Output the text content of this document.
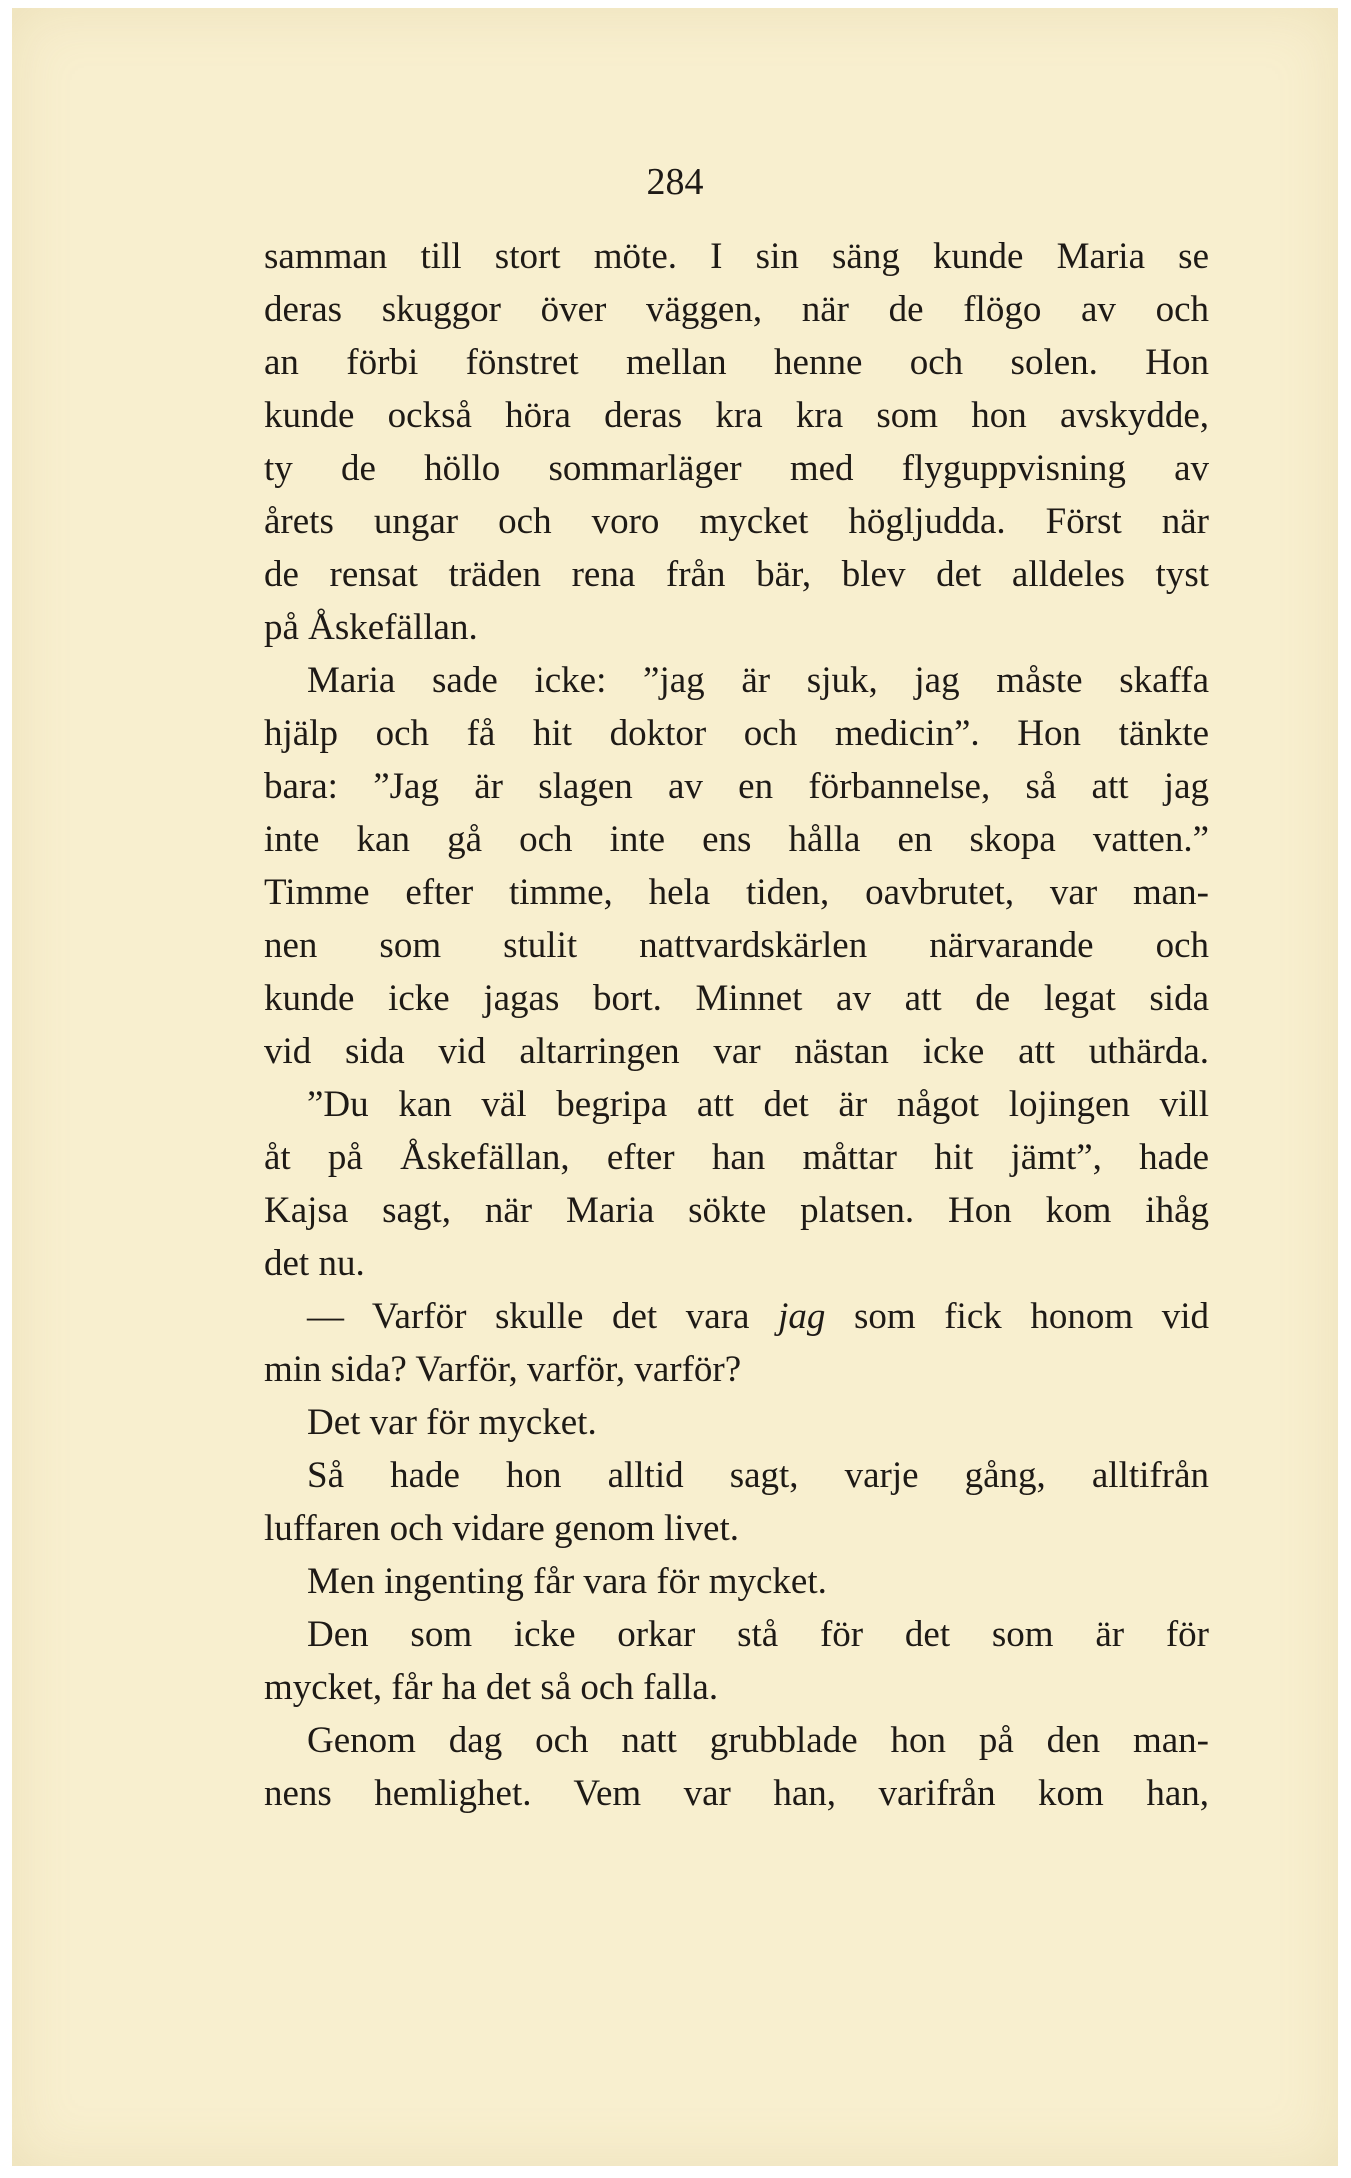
284
samman till stort möte. I sin säng kunde Maria se
deras skuggor över väggen, när de flögo av och
an förbi fönstret mellan henne och solen. Hon
kunde också höra deras kra kra som hon avskydde,
ty de höllo sommarläger med flyguppvisning av
årets ungar och voro mycket högljudda. Först när
de rensat träden rena från bär, blev det alldeles tyst
på Åskefällan.
Maria sade icke: ”jag är sjuk, jag måste skaffa
hjälp och få hit doktor och medicin”. Hon tänkte
bara: ”Jag är slagen av en förbannelse, så att jag
inte kan gå och inte ens hålla en skopa vatten.”
Timme efter timme, hela tiden, oavbrutet, var man-
nen som stulit nattvardskärlen närvarande och
kunde icke jagas bort. Minnet av att de legat sida
vid sida vid altarringen var nästan icke att uthärda.
”Du kan väl begripa att det är något lojingen vill
åt på Åskefällan, efter han måttar hit jämt”, hade
Kajsa sagt, när Maria sökte platsen. Hon kom ihåg
det nu.
— Varför skulle det vara jag som fick honom vid
min sida? Varför, varför, varför?
Det var för mycket.
Så hade hon alltid sagt, varje gång, alltifrån
luffaren och vidare genom livet.
Men ingenting får vara för mycket.
Den som icke orkar stå för det som är för
mycket, får ha det så och falla.
Genom dag och natt grubblade hon på den man-
nens hemlighet. Vem var han, varifrån kom han,
